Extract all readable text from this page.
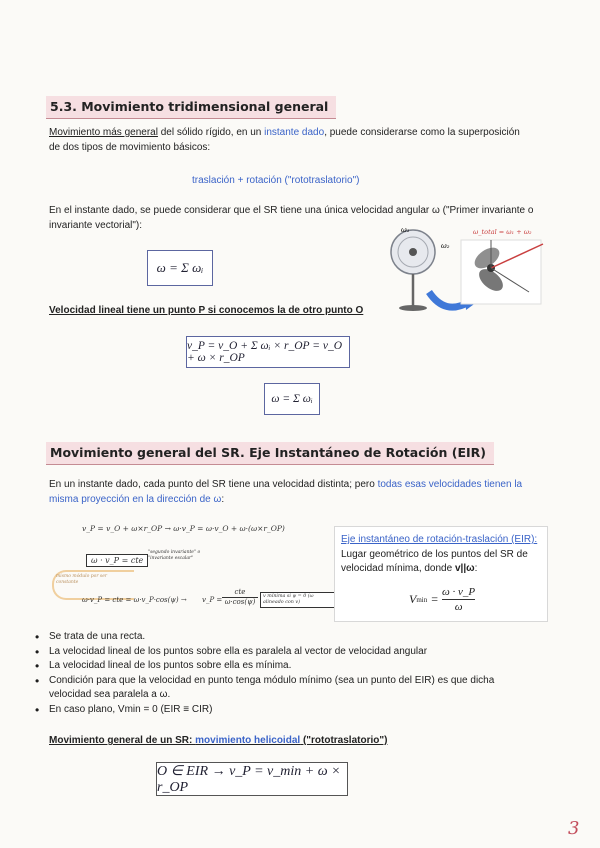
5.3. Movimiento tridimensional general
Movimiento más general del sólido rígido, en un instante dado, puede considerarse como la superposición de dos tipos de movimiento básicos:
traslación + rotación ("rototraslatorio")
En el instante dado, se puede considerar que el SR tiene una única velocidad angular ω ("Primer invariante o invariante vectorial"):
ω = Σ ωᵢ
ω₁
ω₂
ω_total = ω₁ + ω₂
Velocidad lineal tiene un punto P si conocemos la de otro punto O
v_P = v_O + Σ ωᵢ × r_OP = v_O + ω × r_OP
ω = Σ ωᵢ
Movimiento general del SR. Eje Instantáneo de Rotación (EIR)
En un instante dado, cada punto del SR tiene una velocidad distinta; pero todas esas velocidades tienen la misma proyección en la dirección de ω:
v_P = v_O + ω×r_OP → ω·v_P = ω·v_O + ω·(ω×r_OP)
ω · v_P = cte
"segundo invariante" o "invariante escalar"
mismo módulo por ser constante
ω·v_P = cte = ω·v_P·cos(ψ) → v_P =
cte
ω·cos(ψ)
v mínima si ψ = 0 (ω alineado con v)
Eje instantáneo de rotación-traslación (EIR): Lugar geométrico de los puntos del SR de velocidad mínima, donde v||ω:
V $\min = \frac{\omega \cdot v\_P}{\omega}$
• Se trata de una recta.
• La velocidad lineal de los puntos sobre ella es paralela al vector de velocidad angular
• La velocidad lineal de los puntos sobre ella es mínima.
• Condición para que la velocidad en punto tenga módulo mínimo (sea un punto del EIR) es que dicha velocidad sea paralela a ω.
• En caso plano, Vmin = 0 (EIR ≡ CIR)
Movimiento general de un SR: movimiento helicoidal ("rototraslatorio")
O ∈ EIR → v_P = v_min + ω × r_OP
3
